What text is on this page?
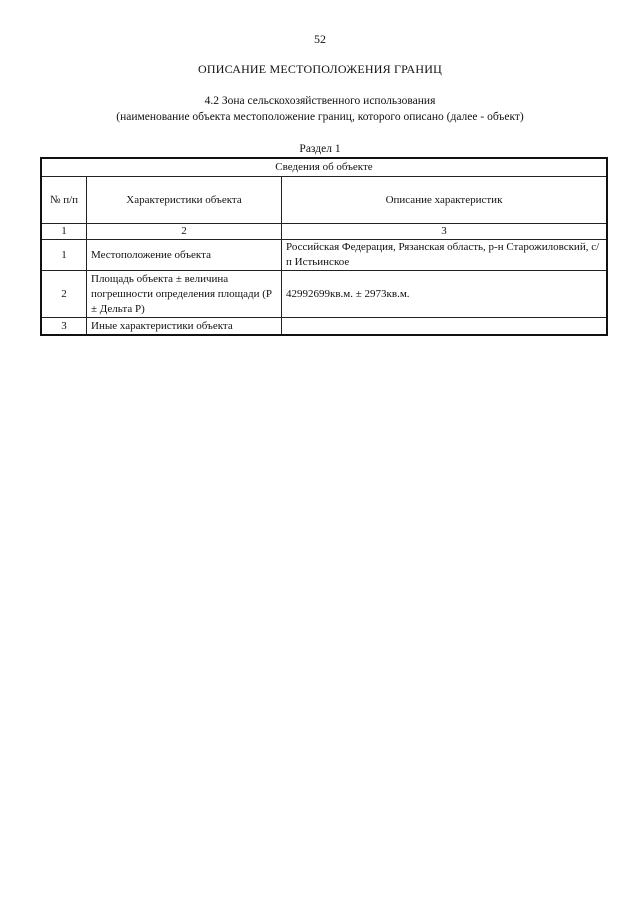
52
ОПИСАНИЕ МЕСТОПОЛОЖЕНИЯ ГРАНИЦ
4.2 Зона сельскохозяйственного использования
(наименование объекта местоположение границ, которого описано (далее - объект)
Раздел 1
Сведения об объекте		
№ п/п	Характеристики объекта	Описание характеристик
1	2	3
1	Местоположение объекта	Российская Федерация, Рязанская область, р-н Старожиловский, с/п Истьинское
2	Площадь объекта ± величина погрешности определения площади (P ± Дельта P)	42992699кв.м. ± 2973кв.м.
3	Иные характеристики объекта	
